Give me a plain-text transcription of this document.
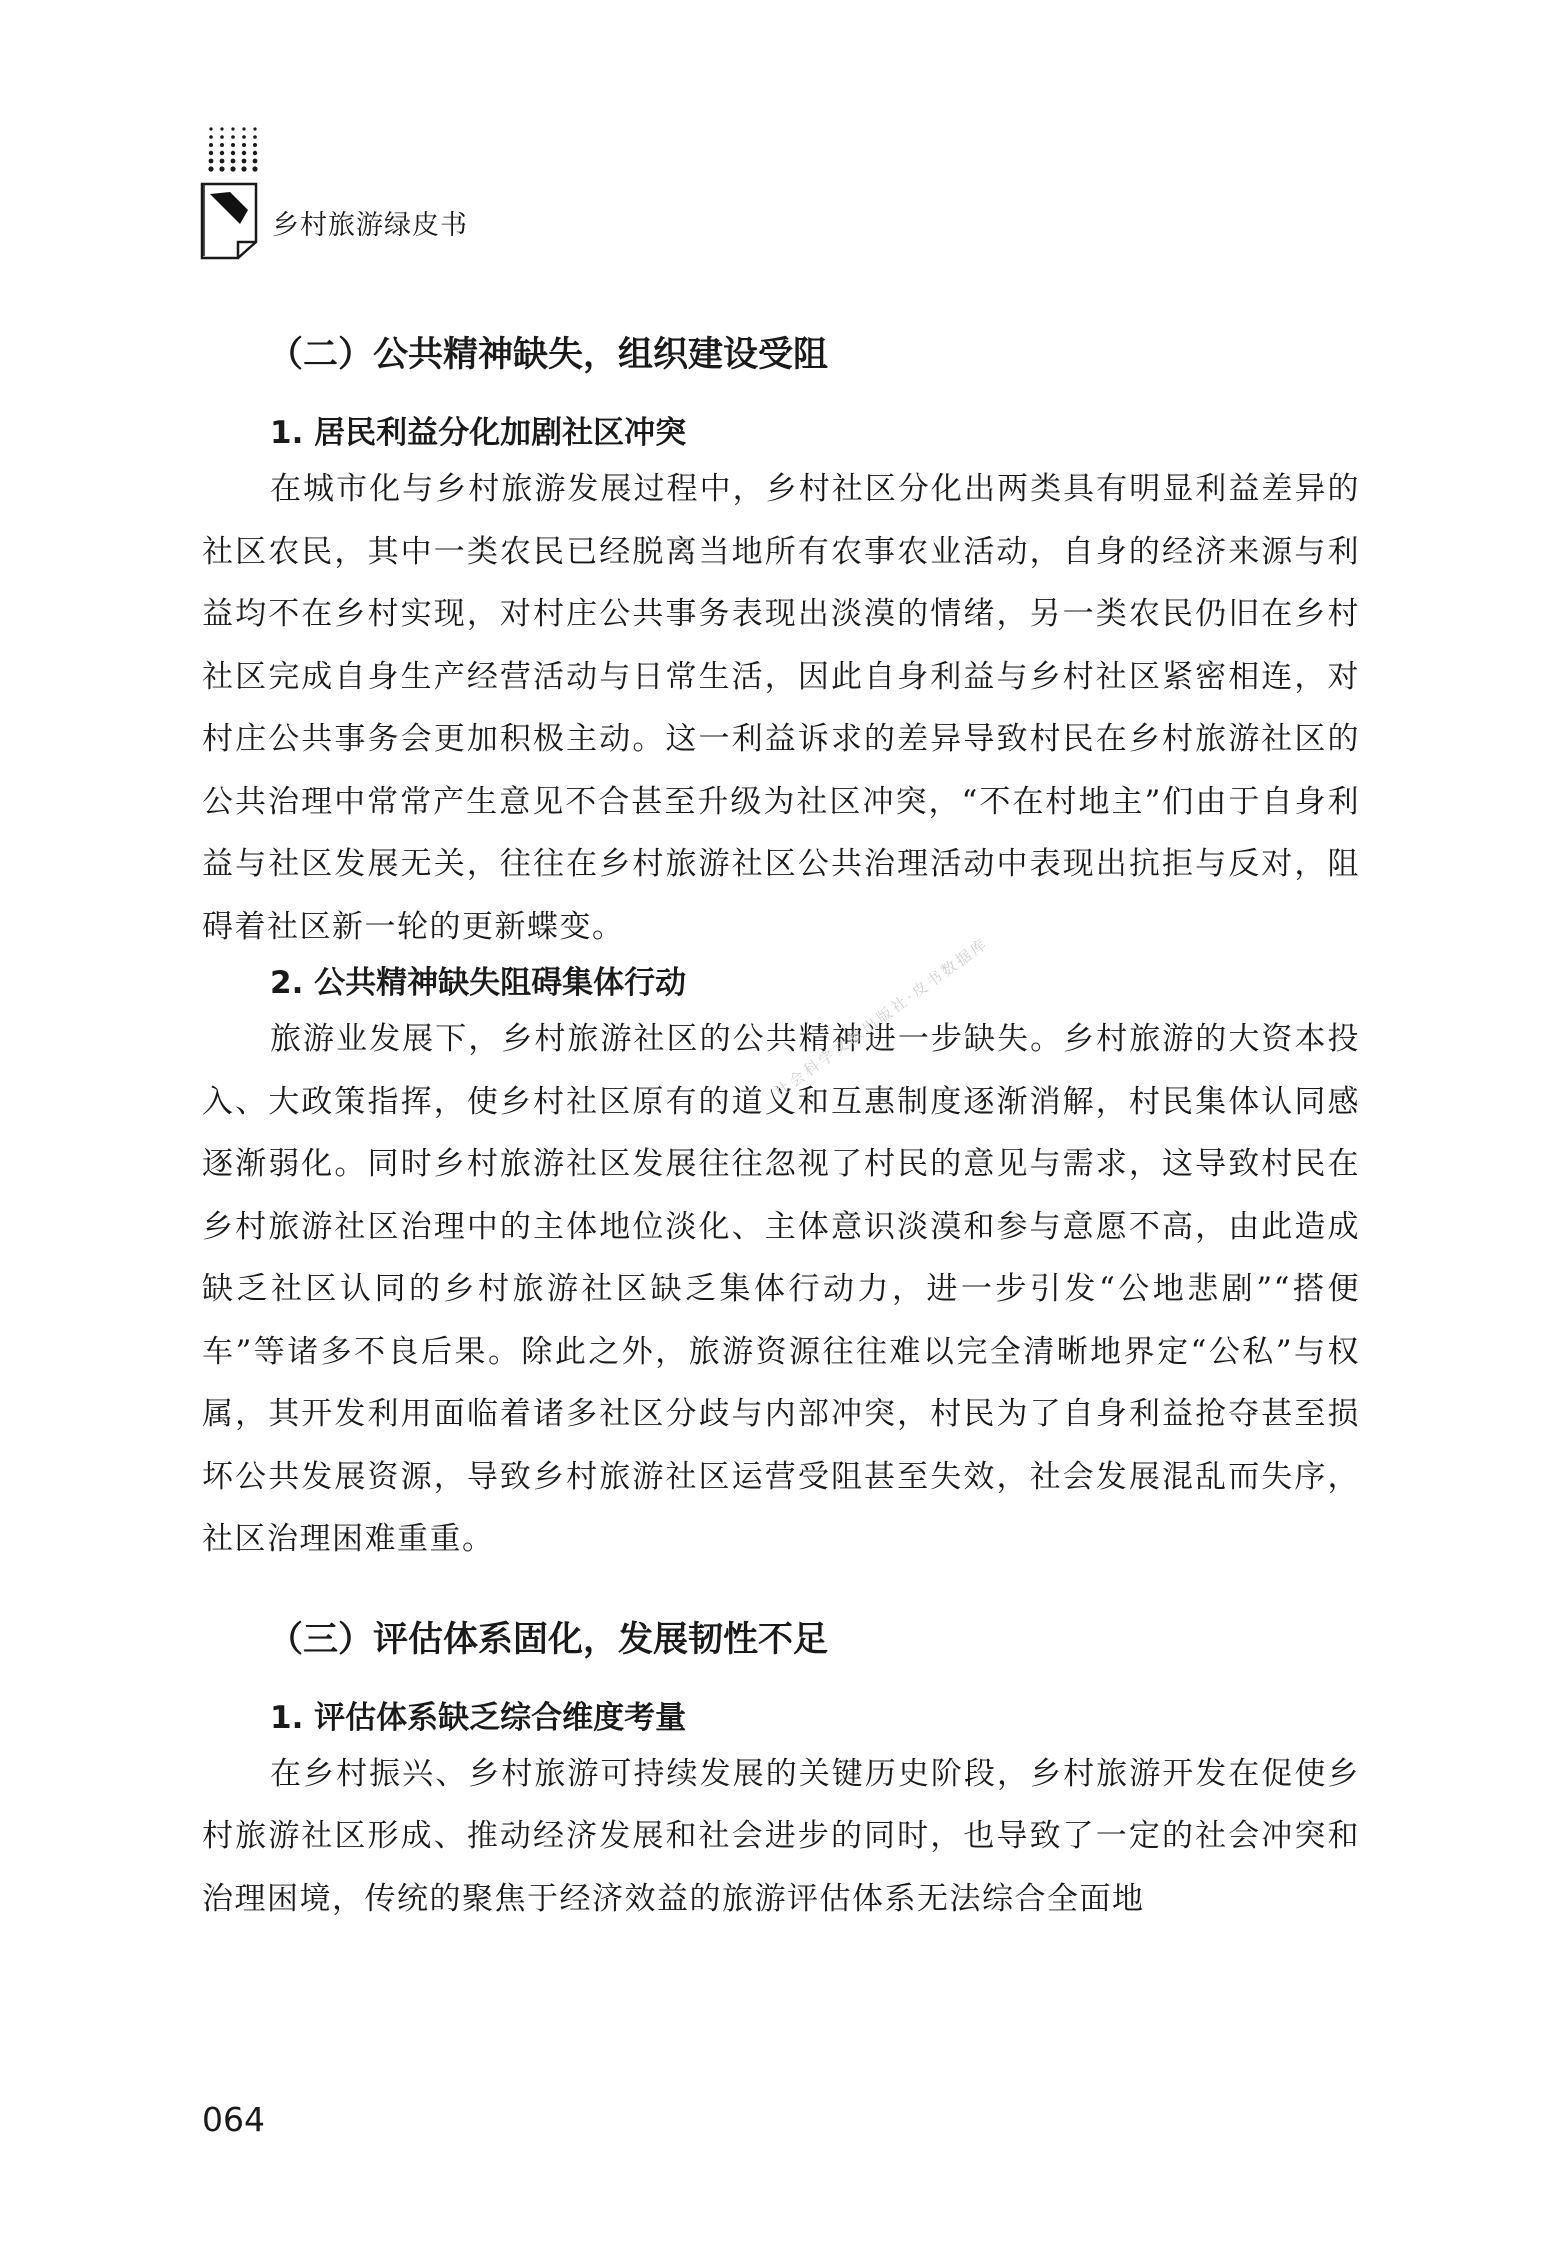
乡村旅游绿皮书
（二）公共精神缺失，组织建设受阻
1. 居民利益分化加剧社区冲突

在城市化与乡村旅游发展过程中，乡村社区分化出两类具有明显利益差异的社区农民，其中一类农民已经脱离当地所有农事农业活动，自身的经济来源与利益均不在乡村实现，对村庄公共事务表现出淡漠的情绪，另一类农民仍旧在乡村社区完成自身生产经营活动与日常生活，因此自身利益与乡村社区紧密相连，对村庄公共事务会更加积极主动。这一利益诉求的差异导致村民在乡村旅游社区的公共治理中常常产生意见不合甚至升级为社区冲突，“不在村地主”们由于自身利益与社区发展无关，往往在乡村旅游社区公共治理活动中表现出抗拒与反对，阻碍着社区新一轮的更新蝶变。

2. 公共精神缺失阻碍集体行动

旅游业发展下，乡村旅游社区的公共精神进一步缺失。乡村旅游的大资本投入、大政策指挥，使乡村社区原有的道义和互惠制度逐渐消解，村民集体认同感逐渐弱化。同时乡村旅游社区发展往往忽视了村民的意见与需求，这导致村民在乡村旅游社区治理中的主体地位淡化、主体意识淡漠和参与意愿不高，由此造成缺乏社区认同的乡村旅游社区缺乏集体行动力，进一步引发“公地悲剧”“搭便车”等诸多不良后果。除此之外，旅游资源往往难以完全清晰地界定“公私”与权属，其开发利用面临着诸多社区分歧与内部冲突，村民为了自身利益抢夺甚至损坏公共发展资源，导致乡村旅游社区运营受阻甚至失效，社会发展混乱而失序，社区治理困难重重。

（三）评估体系固化，发展韧性不足
1. 评估体系缺乏综合维度考量

在乡村振兴、乡村旅游可持续发展的关键历史阶段，乡村旅游开发在促使乡村旅游社区形成、推动经济发展和社会进步的同时，也导致了一定的社会冲突和治理困境，传统的聚焦于经济效益的旅游评估体系无法综合全面地

社会科学文献出版社·皮书数据库
064
